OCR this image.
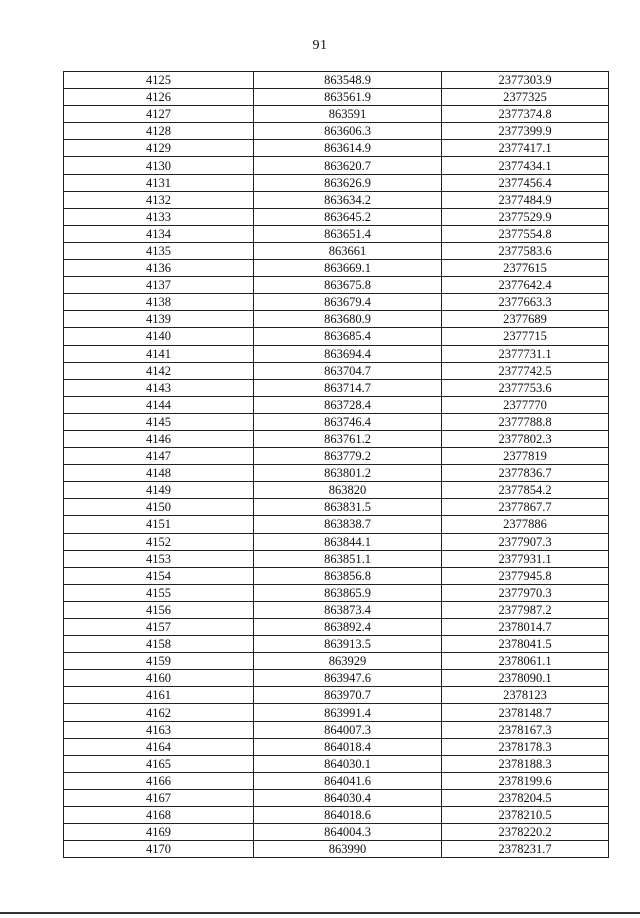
91
4125	863548.9	2377303.9
4126	863561.9	2377325
4127	863591	2377374.8
4128	863606.3	2377399.9
4129	863614.9	2377417.1
4130	863620.7	2377434.1
4131	863626.9	2377456.4
4132	863634.2	2377484.9
4133	863645.2	2377529.9
4134	863651.4	2377554.8
4135	863661	2377583.6
4136	863669.1	2377615
4137	863675.8	2377642.4
4138	863679.4	2377663.3
4139	863680.9	2377689
4140	863685.4	2377715
4141	863694.4	2377731.1
4142	863704.7	2377742.5
4143	863714.7	2377753.6
4144	863728.4	2377770
4145	863746.4	2377788.8
4146	863761.2	2377802.3
4147	863779.2	2377819
4148	863801.2	2377836.7
4149	863820	2377854.2
4150	863831.5	2377867.7
4151	863838.7	2377886
4152	863844.1	2377907.3
4153	863851.1	2377931.1
4154	863856.8	2377945.8
4155	863865.9	2377970.3
4156	863873.4	2377987.2
4157	863892.4	2378014.7
4158	863913.5	2378041.5
4159	863929	2378061.1
4160	863947.6	2378090.1
4161	863970.7	2378123
4162	863991.4	2378148.7
4163	864007.3	2378167.3
4164	864018.4	2378178.3
4165	864030.1	2378188.3
4166	864041.6	2378199.6
4167	864030.4	2378204.5
4168	864018.6	2378210.5
4169	864004.3	2378220.2
4170	863990	2378231.7
